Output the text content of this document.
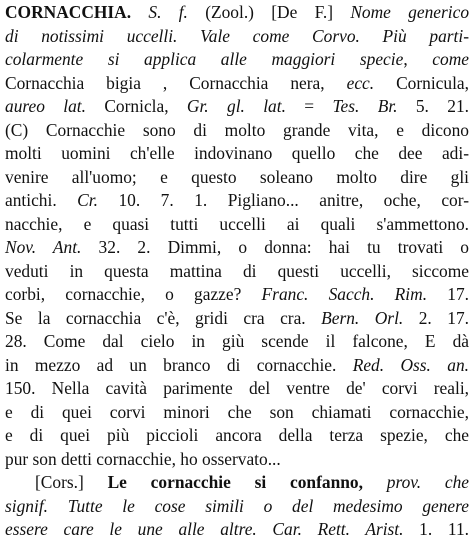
CORNACCHIA. S. f. (Zool.) [De F.] Nome generico
di notissimi uccelli. Vale come Corvo. Più parti-
colarmente si applica alle maggiori specie, come
Cornacchia bigia , Cornacchia nera, ecc. Cornicula,
aureo lat. Cornicla, Gr. gl. lat. = Tes. Br. 5. 21.
(C) Cornacchie sono di molto grande vita, e dicono
molti uomini ch'elle indovinano quello che dee adi-
venire all'uomo; e questo soleano molto dire gli
antichi. Cr. 10. 7. 1. Pigliano... anitre, oche, cor-
nacchie, e quasi tutti uccelli ai quali s'ammettono.
Nov. Ant. 32. 2. Dimmi, o donna: hai tu trovati o
veduti in questa mattina di questi uccelli, siccome
corbi, cornacchie, o gazze? Franc. Sacch. Rim. 17.
Se la cornacchia c'è, gridi cra cra. Bern. Orl. 2. 17.
28. Come dal cielo in giù scende il falcone, E dà
in mezzo ad un branco di cornacchie. Red. Oss. an.
150. Nella cavità parimente del ventre de' corvi reali,
e di quei corvi minori che son chiamati cornacchie,
e di quei più piccioli ancora della terza spezie, che
pur son detti cornacchie, ho osservato...
[Cors.] Le cornacchie si confanno, prov. che
signif. Tutte le cose simili o del medesimo genere
essere care le une alle altre. Car. Rett. Arist. 1. 11.
